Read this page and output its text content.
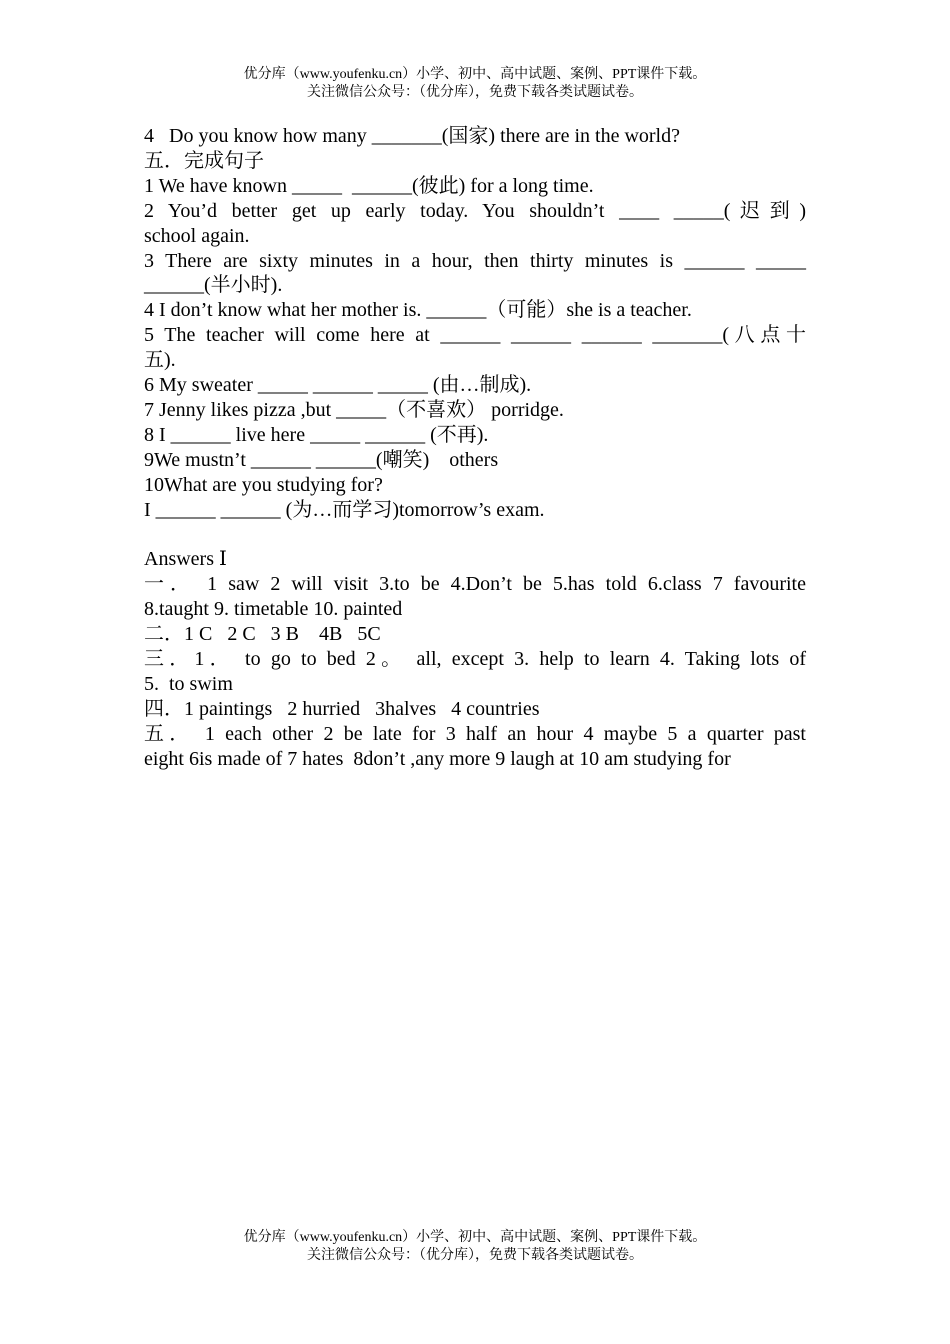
优分库（www.youfenku.cn）小学、初中、高中试题、案例、PPT课件下载。
关注微信公众号：（优分库），免费下载各类试题试卷。
4   Do you know how many _______(国家) there are in the world?
五．完成句子
1 We have known _____  ______(彼此) for a long time.
2 You’d better get up early today. You shouldn’t ____ _____(迟到)
school again.
3 There are sixty minutes in a hour, then thirty minutes is ______ _____
______(半小时).
4 I don’t know what her mother is. ______（可能）she is a teacher.
5 The teacher will come here at ______ ______ ______ _______(八点十
五).
6 My sweater _____ ______ _____ (由…制成).
7 Jenny likes pizza ,but _____（不喜欢） porridge.
8 I ______ live here _____ ______ (不再).
9We mustn’t ______ ______(嘲笑)    others
10What are you studying for?
I ______ ______ (为…而学习)tomorrow’s exam.
Answers Ⅰ
一． 1 saw 2 will visit 3.to be 4.Don’t be 5.has told 6.class 7 favourite
8.taught 9. timetable 10. painted
二．1 C   2 C   3 B    4B   5C
三．1． to go to bed 2。 all, except 3. help to learn 4. Taking lots of
5.  to swim
四．1 paintings   2 hurried   3halves   4 countries
五． 1 each other 2 be late for 3 half an hour 4 maybe 5 a quarter past
eight 6is made of 7 hates  8don’t ,any more 9 laugh at 10 am studying for
优分库（www.youfenku.cn）小学、初中、高中试题、案例、PPT课件下载。
关注微信公众号：（优分库），免费下载各类试题试卷。
